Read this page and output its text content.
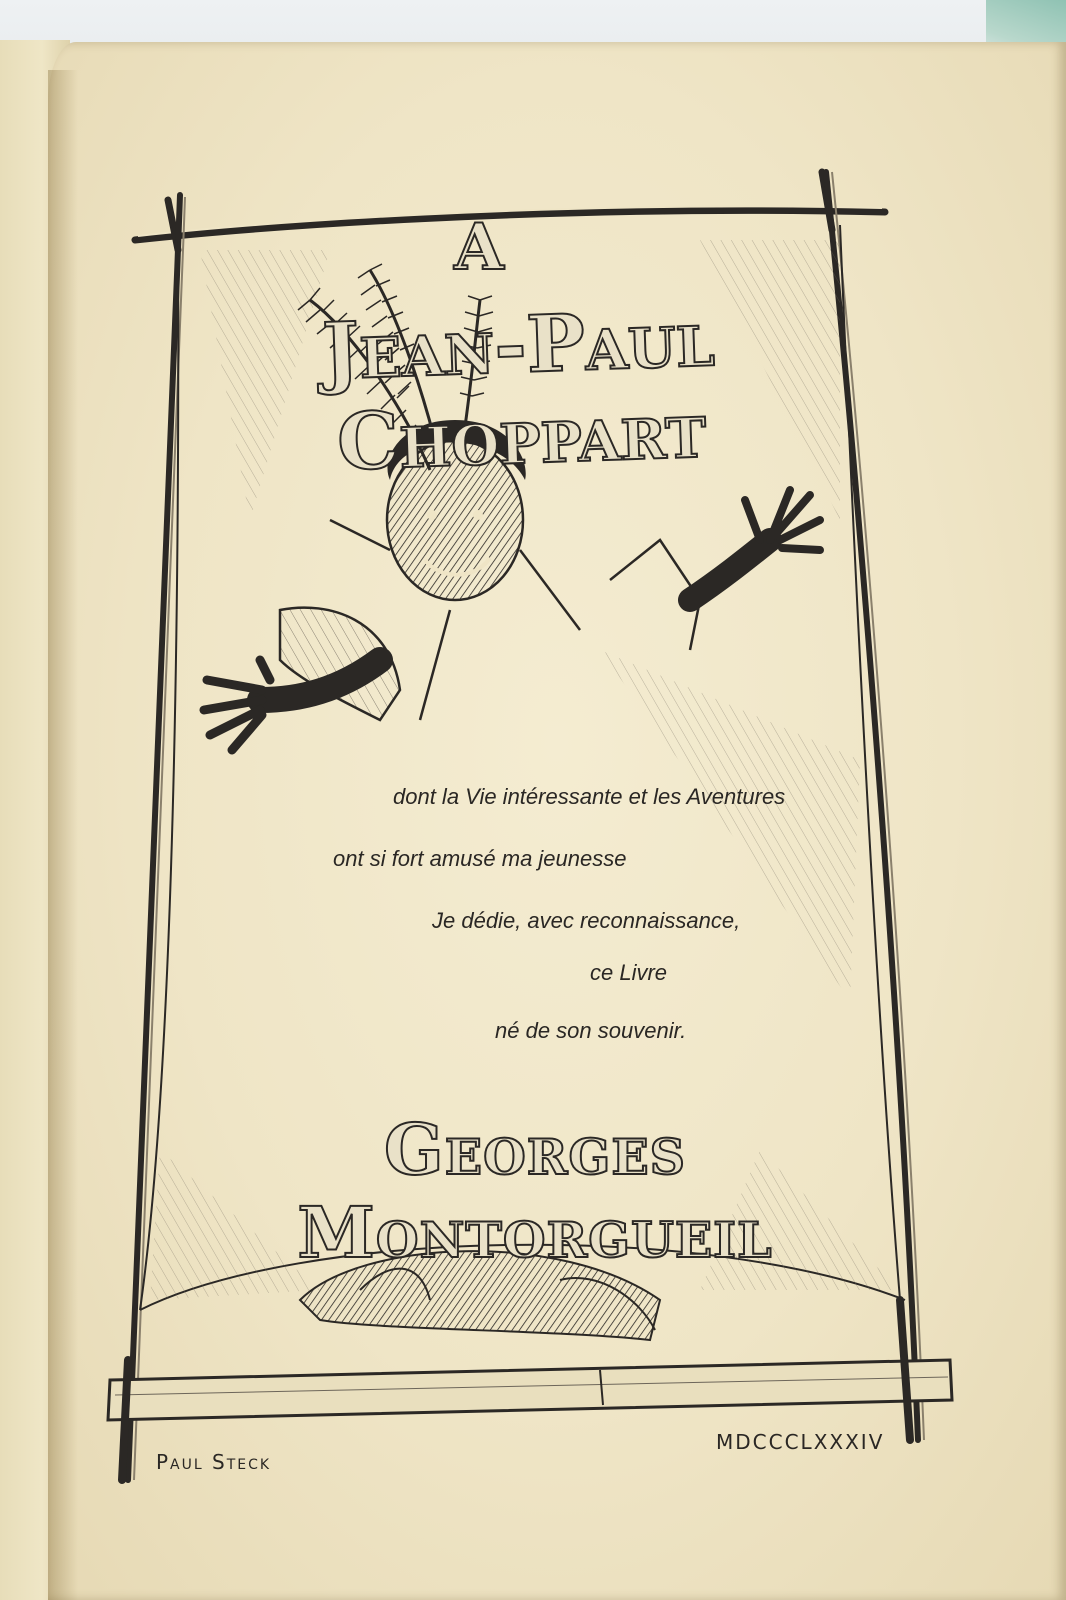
A

Jean-Paul Choppart

dont la Vie intéressante et les Aventures

ont si fort amusé ma jeunesse

Je dédie, avec reconnaissance,

ce Livre

né de son souvenir.

Georges Montorgueil

Paul Steck

MDCCCLXXXIV
